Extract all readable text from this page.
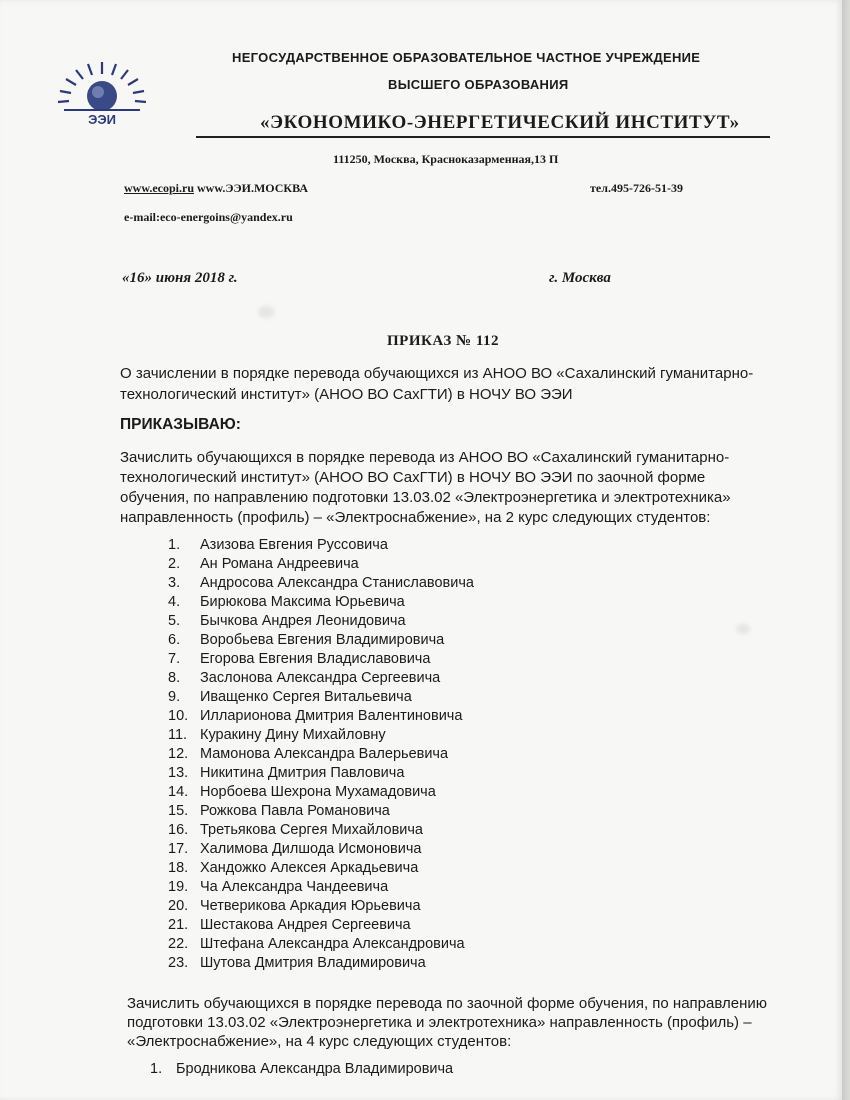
ЭЭИ
НЕГОСУДАРСТВЕННОЕ ОБРАЗОВАТЕЛЬНОЕ ЧАСТНОЕ УЧРЕЖДЕНИЕ
ВЫСШЕГО ОБРАЗОВАНИЯ
«ЭКОНОМИКО-ЭНЕРГЕТИЧЕСКИЙ ИНСТИТУТ»
111250, Москва, Красноказарменная,13 П
www.ecopi.ru www.ЭЭИ.МОСКВА	тел.495-726-51-39
e-mail:eco-energoins@yandex.ru
«16» июня 2018 г.	г. Москва
ПРИКАЗ № 112
О зачислении в порядке перевода обучающихся из АНОО ВО «Сахалинский гуманитарно-
технологический институт» (АНОО ВО СахГТИ) в НОЧУ ВО ЭЭИ
ПРИКАЗЫВАЮ:
Зачислить обучающихся в порядке перевода из АНОО ВО «Сахалинский гуманитарно-
технологический институт» (АНОО ВО СахГТИ) в НОЧУ ВО ЭЭИ по заочной форме
обучения, по направлению подготовки 13.03.02 «Электроэнергетика и электротехника»
направленность (профиль) – «Электроснабжение», на 2 курс следующих студентов:
1. Азизова Евгения Руссовича
2. Ан Романа Андреевича
3. Андросова Александра Станиславовича
4. Бирюкова Максима Юрьевича
5. Бычкова Андрея Леонидовича
6. Воробьева Евгения Владимировича
7. Егорова Евгения Владиславовича
8. Заслонова Александра Сергеевича
9. Иващенко Сергея Витальевича
10. Илларионова Дмитрия Валентиновича
11. Куракину Дину Михайловну
12. Мамонова Александра Валерьевича
13. Никитина Дмитрия Павловича
14. Норбоева Шехрона Мухамадовича
15. Рожкова Павла Романовича
16. Третьякова Сергея Михайловича
17. Халимова Дилшода Исмоновича
18. Хандожко Алексея Аркадьевича
19. Ча Александра Чандеевича
20. Четверикова Аркадия Юрьевича
21. Шестакова Андрея Сергеевича
22. Штефана Александра Александровича
23. Шутова Дмитрия Владимировича
Зачислить обучающихся в порядке перевода по заочной форме обучения, по направлению
подготовки 13.03.02 «Электроэнергетика и электротехника» направленность (профиль) –
«Электроснабжение», на 4 курс следующих студентов:
1. Бродникова Александра Владимировича
